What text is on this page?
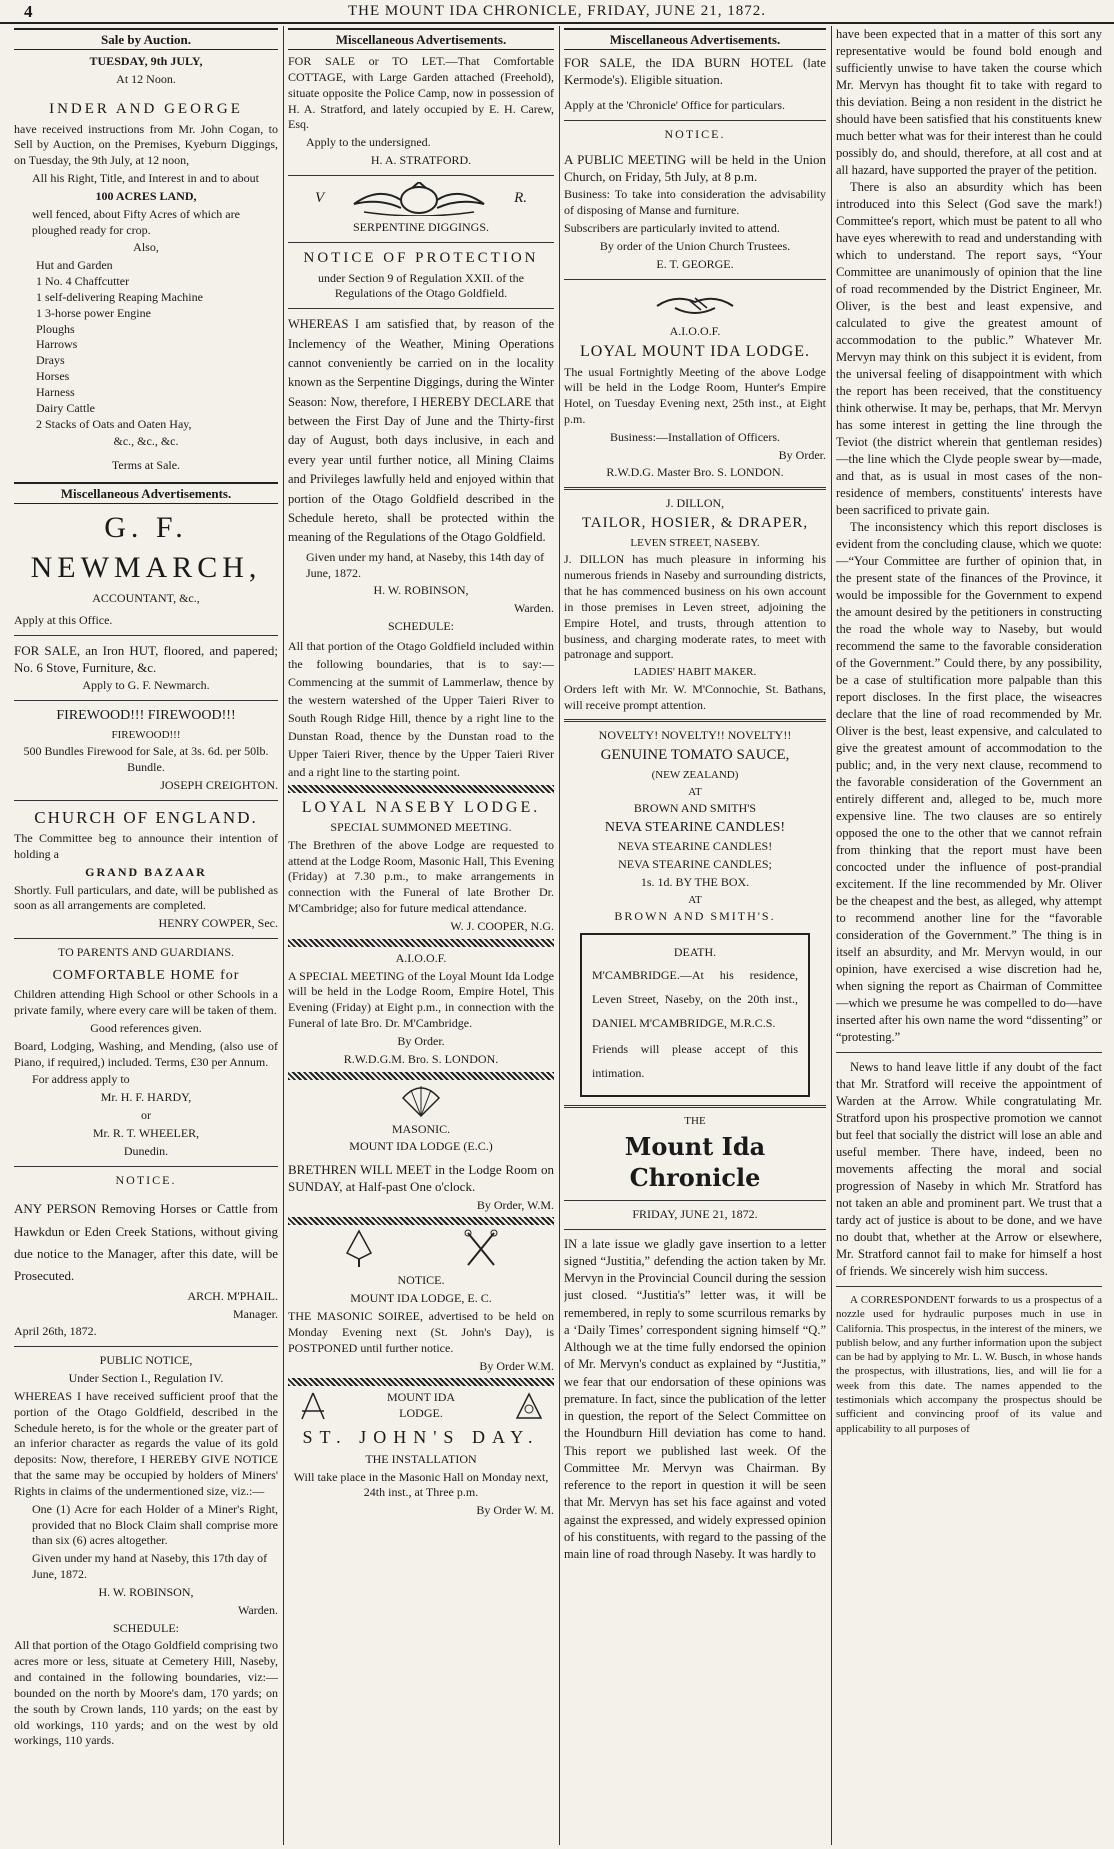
4	THE MOUNT IDA CHRONICLE, FRIDAY, JUNE 21, 1872.
Sale by Auction.

TUESDAY, 9th JULY,

At 12 Noon.

INDER AND GEORGE

have received instructions from Mr. John Cogan, to Sell by Auction, on the Premises, Kyeburn Diggings, on Tuesday, the 9th July, at 12 noon,

All his Right, Title, and Interest in and to about

100 ACRES LAND,

well fenced, about Fifty Acres of which are ploughed ready for crop.

Also,

Hut and Garden
1 No. 4 Chaffcutter
1 self-delivering Reaping Machine
1 3-horse power Engine
Ploughs
Harrows
Drays
Horses
Harness
Dairy Cattle
2 Stacks of Oats and Oaten Hay,

&c., &c., &c.

Terms at Sale.

Miscellaneous Advertisements.
G. F. NEWMARCH,

ACCOUNTANT, &c.,

Apply at this Office.

FOR SALE, an Iron HUT, floored, and papered; No. 6 Stove, Furniture, &c.

Apply to G. F. Newmarch.

FIREWOOD!!! FIREWOOD!!!

FIREWOOD!!!

500 Bundles Firewood for Sale, at 3s. 6d. per 50lb. Bundle.

JOSEPH CREIGHTON.

CHURCH OF ENGLAND.

The Committee beg to announce their intention of holding a

GRAND BAZAAR

Shortly. Full particulars, and date, will be published as soon as all arrangements are completed.

HENRY COWPER, Sec.

TO PARENTS AND GUARDIANS.

COMFORTABLE HOME for

Children attending High School or other Schools in a private family, where every care will be taken of them.

Good references given.

Board, Lodging, Washing, and Mending, (also use of Piano, if required,) included. Terms, £30 per Annum.

For address apply to

Mr. H. F. HARDY,

or

Mr. R. T. WHEELER,

Dunedin.

NOTICE.

ANY PERSON Removing Horses or Cattle from Hawkdun or Eden Creek Stations, without giving due notice to the Manager, after this date, will be Prosecuted.

ARCH. M'PHAIL.

Manager.

April 26th, 1872.

PUBLIC NOTICE,

Under Section I., Regulation IV.

WHEREAS I have received sufficient proof that the portion of the Otago Goldfield, described in the Schedule hereto, is for the whole or the greater part of an inferior character as regards the value of its gold deposits: Now, therefore, I HEREBY GIVE NOTICE that the same may be occupied by holders of Miners' Rights in claims of the undermentioned size, viz.:—

One (1) Acre for each Holder of a Miner's Right, provided that no Block Claim shall comprise more than six (6) acres altogether.

Given under my hand at Naseby, this 17th day of June, 1872.

H. W. ROBINSON,

Warden.

SCHEDULE:

All that portion of the Otago Goldfield comprising two acres more or less, situate at Cemetery Hill, Naseby, and contained in the following boundaries, viz:—bounded on the north by Moore's dam, 170 yards; on the south by Crown lands, 110 yards; on the east by old workings, 110 yards; and on the west by old workings, 110 yards.

Miscellaneous Advertisements.

FOR SALE or TO LET.—That Comfortable COTTAGE, with Large Garden attached (Freehold), situate opposite the Police Camp, now in possession of H. A. Stratford, and lately occupied by E. H. Carew, Esq.

Apply to the undersigned.

H. A. STRATFORD.

V	R.

SERPENTINE DIGGINGS.

NOTICE OF PROTECTION

under Section 9 of Regulation XXII. of the Regulations of the Otago Goldfield.

WHEREAS I am satisfied that, by reason of the Inclemency of the Weather, Mining Operations cannot conveniently be carried on in the locality known as the Serpentine Diggings, during the Winter Season: Now, therefore, I HEREBY DECLARE that between the First Day of June and the Thirty-first day of August, both days inclusive, in each and every year until further notice, all Mining Claims and Privileges lawfully held and enjoyed within that portion of the Otago Goldfield described in the Schedule hereto, shall be protected within the meaning of the Regulations of the Otago Goldfield.

Given under my hand, at Naseby, this 14th day of June, 1872.

H. W. ROBINSON,

Warden.

SCHEDULE:

All that portion of the Otago Goldfield included within the following boundaries, that is to say:—Commencing at the summit of Lammerlaw, thence by the western watershed of the Upper Taieri River to South Rough Ridge Hill, thence by a right line to the Dunstan Road, thence by the Dunstan road to the Upper Taieri River, thence by the Upper Taieri River and a right line to the starting point.

LOYAL NASEBY LODGE.

SPECIAL SUMMONED MEETING.

The Brethren of the above Lodge are requested to attend at the Lodge Room, Masonic Hall, This Evening (Friday) at 7.30 p.m., to make arrangements in connection with the Funeral of late Brother Dr. M'Cambridge; also for future medical attendance.

W. J. COOPER, N.G.

A.I.O.O.F.

A SPECIAL MEETING of the Loyal Mount Ida Lodge will be held in the Lodge Room, Empire Hotel, This Evening (Friday) at Eight p.m., in connection with the Funeral of late Bro. Dr. M'Cambridge.

By Order.

R.W.D.G.M. Bro. S. LONDON.

MASONIC.

MOUNT IDA LODGE (E.C.)

BRETHREN WILL MEET in the Lodge Room on SUNDAY, at Half-past One o'clock.

By Order, W.M.

NOTICE.

MOUNT IDA LODGE, E. C.

THE MASONIC SOIREE, advertised to be held on Monday Evening next (St. John's Day), is POSTPONED until further notice.

By Order W.M.

MOUNT IDA
LODGE.

ST. JOHN'S DAY.

THE INSTALLATION

Will take place in the Masonic Hall on Monday next, 24th inst., at Three p.m.

By Order W. M.

Miscellaneous Advertisements.

FOR SALE, the IDA BURN HOTEL (late Kermode's). Eligible situation.

Apply at the 'Chronicle' Office for particulars.

NOTICE.

A PUBLIC MEETING will be held in the Union Church, on Friday, 5th July, at 8 p.m.

Business: To take into consideration the advisability of disposing of Manse and furniture.

Subscribers are particularly invited to attend.

By order of the Union Church Trustees.

E. T. GEORGE.

A.I.O.O.F.

LOYAL MOUNT IDA LODGE.

The usual Fortnightly Meeting of the above Lodge will be held in the Lodge Room, Hunter's Empire Hotel, on Tuesday Evening next, 25th inst., at Eight p.m.

Business:—Installation of Officers.

By Order.

R.W.D.G. Master Bro. S. LONDON.

J. DILLON,

TAILOR, HOSIER, & DRAPER,

LEVEN STREET, NASEBY.

J. DILLON has much pleasure in informing his numerous friends in Naseby and surrounding districts, that he has commenced business on his own account in those premises in Leven street, adjoining the Empire Hotel, and trusts, through attention to business, and charging moderate rates, to meet with patronage and support.

LADIES' HABIT MAKER.

Orders left with Mr. W. M'Connochie, St. Bathans, will receive prompt attention.

NOVELTY! NOVELTY!! NOVELTY!!

GENUINE TOMATO SAUCE,

(NEW ZEALAND)

AT

BROWN AND SMITH'S

NEVA STEARINE CANDLES!

NEVA STEARINE CANDLES!

NEVA STEARINE CANDLES;

1s. 1d. BY THE BOX.

AT

BROWN AND SMITH'S.

DEATH.

M'CAMBRIDGE.—At his residence, Leven Street, Naseby, on the 20th inst., DANIEL M'CAMBRIDGE, M.R.C.S.

Friends will please accept of this intimation.

THE

Mount Ida Chronicle

FRIDAY, JUNE 21, 1872.

IN a late issue we gladly gave insertion to a letter signed “Justitia,” defending the action taken by Mr. Mervyn in the Provincial Council during the session just closed. “Justitia's” letter was, it will be remembered, in reply to some scurrilous remarks by a ‘Daily Times’ correspondent signing himself “Q.” Although we at the time fully endorsed the opinion of Mr. Mervyn's conduct as explained by “Justitia,” we fear that our endorsation of these opinions was premature. In fact, since the publication of the letter in question, the report of the Select Committee on the Houndburn Hill deviation has come to hand. This report we published last week. Of the Committee Mr. Mervyn was Chairman. By reference to the report in question it will be seen that Mr. Mervyn has set his face against and voted against the expressed, and widely expressed opinion of his constituents, with regard to the passing of the main line of road through Naseby. It was hardly to

have been expected that in a matter of this sort any representative would be found bold enough and sufficiently unwise to have taken the course which Mr. Mervyn has thought fit to take with regard to this deviation. Being a non resident in the district he should have been satisfied that his constituents knew much better what was for their interest than he could possibly do, and should, therefore, at all cost and at all hazard, have supported the prayer of the petition.

There is also an absurdity which has been introduced into this Select (God save the mark!) Committee's report, which must be patent to all who have eyes wherewith to read and understanding with which to understand. The report says, “Your Committee are unanimously of opinion that the line of road recommended by the District Engineer, Mr. Oliver, is the best and least expensive, and calculated to give the greatest amount of accommodation to the public.” Whatever Mr. Mervyn may think on this subject it is evident, from the universal feeling of disappointment with which the report has been received, that the constituency think otherwise. It may be, perhaps, that Mr. Mervyn has some interest in getting the line through the Teviot (the district wherein that gentleman resides)—the line which the Clyde people swear by—made, and that, as is usual in most cases of the non-residence of members, constituents' interests have been sacrificed to private gain.

The inconsistency which this report discloses is evident from the concluding clause, which we quote:—“Your Committee are further of opinion that, in the present state of the finances of the Province, it would be impossible for the Government to expend the amount desired by the petitioners in constructing the road the whole way to Naseby, but would recommend the same to the favorable consideration of the Government.” Could there, by any possibility, be a case of stultification more palpable than this report discloses. In the first place, the wiseacres declare that the line of road recommended by Mr. Oliver is the best, least expensive, and calculated to give the greatest amount of accommodation to the public; and, in the very next clause, recommend to the favorable consideration of the Government an entirely different and, alleged to be, much more expensive line. The two clauses are so entirely opposed the one to the other that we cannot refrain from thinking that the report must have been concocted under the influence of post-prandial excitement. If the line recommended by Mr. Oliver be the cheapest and the best, as alleged, why attempt to recommend another line for the “favorable consideration of the Government.” The thing is in itself an absurdity, and Mr. Mervyn would, in our opinion, have exercised a wise discretion had he, when signing the report as Chairman of Committee—which we presume he was compelled to do—have inserted after his own name the word “dissenting” or “protesting.”

News to hand leave little if any doubt of the fact that Mr. Stratford will receive the appointment of Warden at the Arrow. While congratulating Mr. Stratford upon his prospective promotion we cannot but feel that socially the district will lose an able and useful member. There have, indeed, been no movements affecting the moral and social progression of Naseby in which Mr. Stratford has not taken an able and prominent part. We trust that a tardy act of justice is about to be done, and we have no doubt that, whether at the Arrow or elsewhere, Mr. Stratford cannot fail to make for himself a host of friends. We sincerely wish him success.

A CORRESPONDENT forwards to us a prospectus of a nozzle used for hydraulic purposes much in use in California. This prospectus, in the interest of the miners, we publish below, and any further information upon the subject can be had by applying to Mr. L. W. Busch, in whose hands the prospectus, with illustrations, lies, and will lie for a week from this date. The names appended to the testimonials which accompany the prospectus should be sufficient and convincing proof of its value and applicability to all purposes of
